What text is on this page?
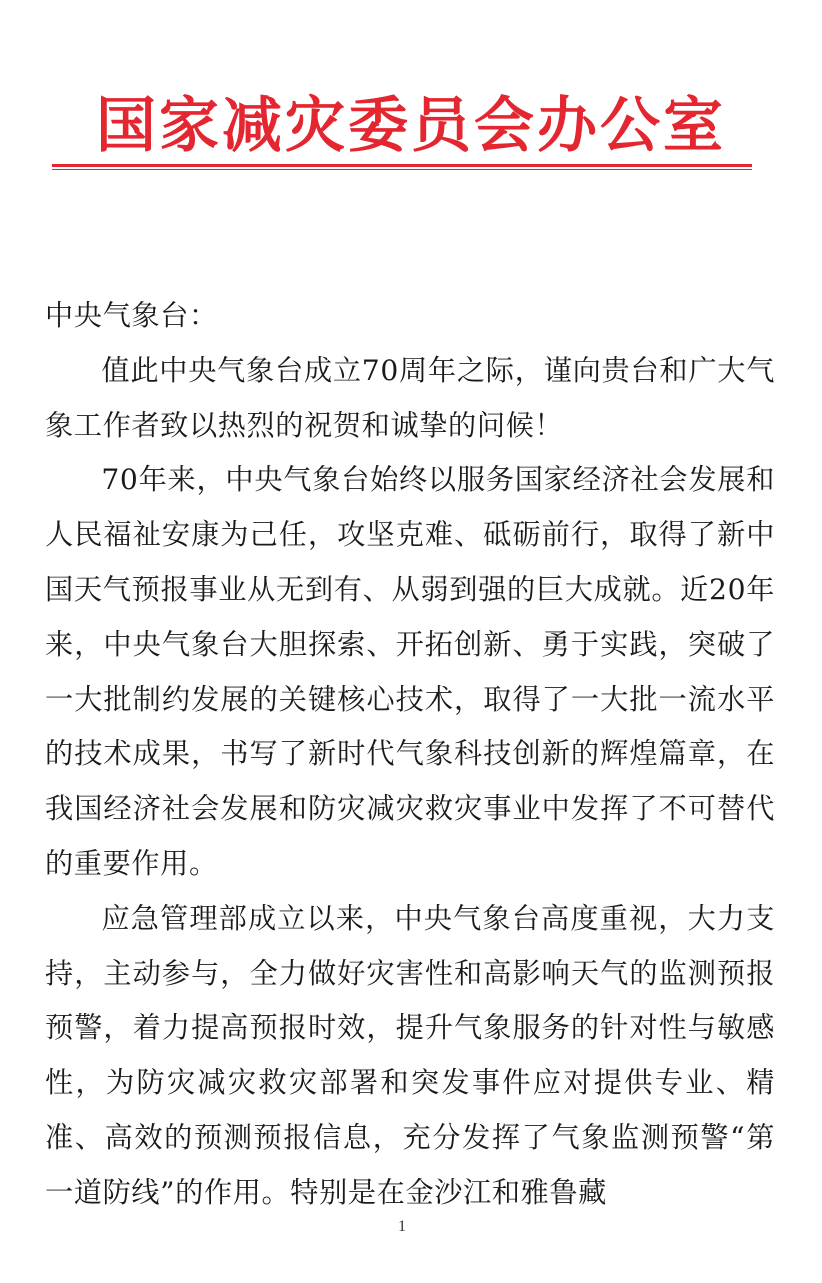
国家减灾委员会办公室

中央气象台：

值此中央气象台成立70周年之际，谨向贵台和广大气象工作者致以热烈的祝贺和诚挚的问候！

70年来，中央气象台始终以服务国家经济社会发展和人民福祉安康为己任，攻坚克难、砥砺前行，取得了新中国天气预报事业从无到有、从弱到强的巨大成就。近20年来，中央气象台大胆探索、开拓创新、勇于实践，突破了一大批制约发展的关键核心技术，取得了一大批一流水平的技术成果，书写了新时代气象科技创新的辉煌篇章，在我国经济社会发展和防灾减灾救灾事业中发挥了不可替代的重要作用。

应急管理部成立以来，中央气象台高度重视，大力支持，主动参与，全力做好灾害性和高影响天气的监测预报预警，着力提高预报时效，提升气象服务的针对性与敏感性，为防灾减灾救灾部署和突发事件应对提供专业、精准、高效的预测预报信息，充分发挥了气象监测预警“第一道防线”的作用。特别是在金沙江和雅鲁藏

1
